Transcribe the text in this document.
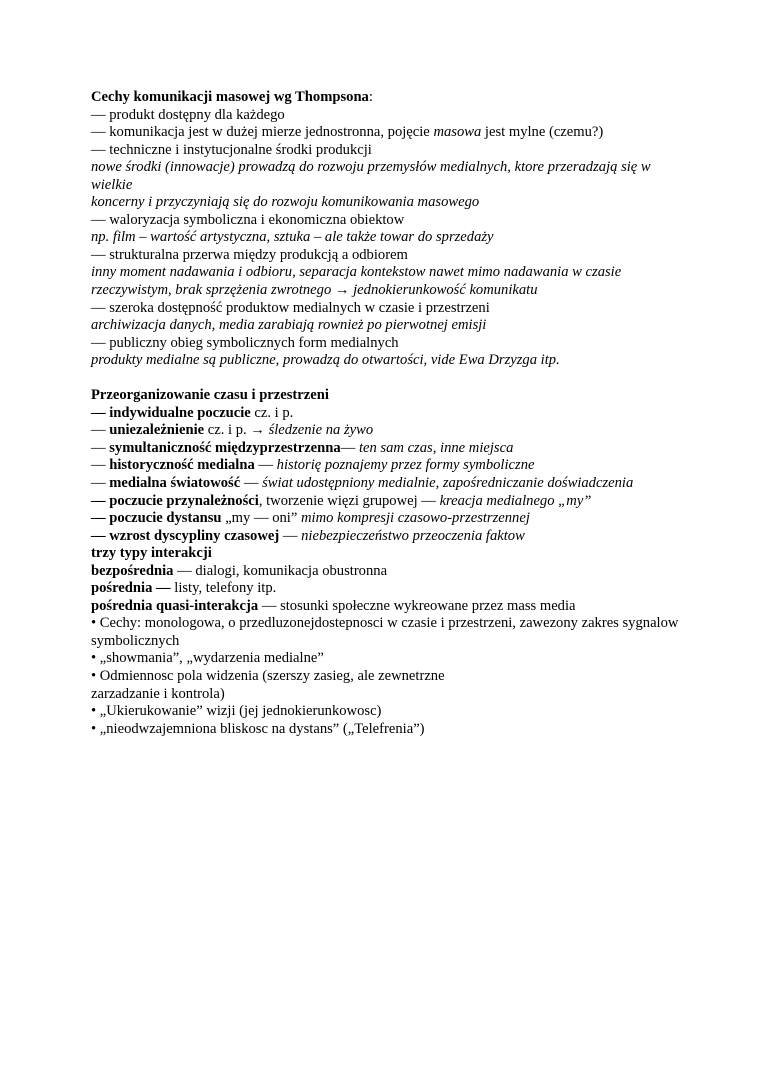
Cechy komunikacji masowej wg Thompsona:
— produkt dostępny dla każdego
— komunikacja jest w dużej mierze jednostronna, pojęcie masowa jest mylne (czemu?)
— techniczne i instytucjonalne środki produkcji
nowe środki (innowacje) prowadzą do rozwoju przemysłów medialnych, ktore przeradzają się w wielkie
koncerny i przyczyniają się do rozwoju komunikowania masowego
— waloryzacja symboliczna i ekonomiczna obiektow
np. film – wartość artystyczna, sztuka – ale także towar do sprzedaży
— strukturalna przerwa między produkcją a odbiorem
inny moment nadawania i odbioru, separacja kontekstow nawet mimo nadawania w czasie
rzeczywistym, brak sprzężenia zwrotnego → jednokierunkowość komunikatu
— szeroka dostępność produktow medialnych w czasie i przestrzeni
archiwizacja danych, media zarabiają rownież po pierwotnej emisji
— publiczny obieg symbolicznych form medialnych
produkty medialne są publiczne, prowadzą do otwartości, vide Ewa Drzyzga itp.
Przeorganizowanie czasu i przestrzeni
— indywidualne poczucie cz. i p.
— uniezależnienie cz. i p. → śledzenie na żywo
— symultaniczność międzyprzestrzenna— ten sam czas, inne miejsca
— historyczność medialna — historię poznajemy przez formy symboliczne
— medialna światowość — świat udostępniony medialnie, zapośredniczanie doświadczenia
— poczucie przynależności, tworzenie więzi grupowej — kreacja medialnego „my”
— poczucie dystansu „my — oni” mimo kompresji czasowo-przestrzennej
— wzrost dyscypliny czasowej — niebezpieczeństwo przeoczenia faktow
trzy typy interakcji
bezpośrednia — dialogi, komunikacja obustronna
pośrednia — listy, telefony itp.
pośrednia quasi-interakcja — stosunki społeczne wykreowane przez mass media
• Cechy: monologowa, o przedluzonejdostepnosci w czasie i przestrzeni, zawezony zakres sygnalow
symbolicznych
• „showmania”, „wydarzenia medialne”
• Odmiennosc pola widzenia (szerszy zasieg, ale zewnetrzne
zarzadzanie i kontrola)
• „Ukierukowanie” wizji (jej jednokierunkowosc)
• „nieodwzajemniona bliskosc na dystans” („Telefrenia”)
